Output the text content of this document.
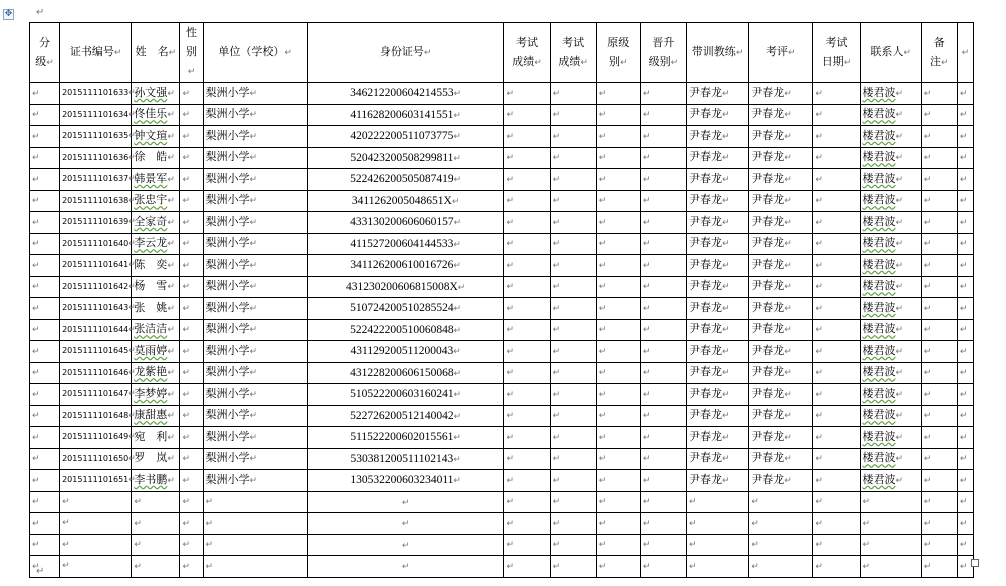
✥ ↵
分
级↵	证书编号↵	姓　名↵	性
别↵	单位（学校）↵	身份证号↵	考试
成绩↵	考试
成绩↵	原级
别↵	晋升
级别↵	带训教练↵	考评↵	考试
日期↵	联系人↵	备
注↵	↵
↵	2015111101633↵	孙文强↵	↵	梨洲小学↵	346212200604214553↵	↵	↵	↵	↵	尹春龙↵	尹春龙↵	↵	楼君波↵	↵	↵
↵	2015111101634↵	佟佳乐↵	↵	梨洲小学↵	411628200603141551↵	↵	↵	↵	↵	尹春龙↵	尹春龙↵	↵	楼君波↵	↵	↵
↵	2015111101635↵	钟文瑄↵	↵	梨洲小学↵	420222200511073775↵	↵	↵	↵	↵	尹春龙↵	尹春龙↵	↵	楼君波↵	↵	↵
↵	2015111101636↵	徐　皓↵	↵	梨洲小学↵	520423200508299811↵	↵	↵	↵	↵	尹春龙↵	尹春龙↵	↵	楼君波↵	↵	↵
↵	2015111101637↵	韩景军↵	↵	梨洲小学↵	522426200505087419↵	↵	↵	↵	↵	尹春龙↵	尹春龙↵	↵	楼君波↵	↵	↵
↵	2015111101638↵	张忠宇↵	↵	梨洲小学↵	341126200504865​1X↵	↵	↵	↵	↵	尹春龙↵	尹春龙↵	↵	楼君波↵	↵	↵
↵	2015111101639↵	全家奇↵	↵	梨洲小学↵	433130200606060157↵	↵	↵	↵	↵	尹春龙↵	尹春龙↵	↵	楼君波↵	↵	↵
↵	2015111101640↵	李云龙↵	↵	梨洲小学↵	411527200604144533↵	↵	↵	↵	↵	尹春龙↵	尹春龙↵	↵	楼君波↵	↵	↵
↵	2015111101641↵	陈　奕↵	↵	梨洲小学↵	341126200610016726↵	↵	↵	↵	↵	尹春龙↵	尹春龙↵	↵	楼君波↵	↵	↵
↵	2015111101642↵	杨　雪↵	↵	梨洲小学↵	431230200606815008X↵	↵	↵	↵	↵	尹春龙↵	尹春龙↵	↵	楼君波↵	↵	↵
↵	2015111101643↵	张　姚↵	↵	梨洲小学↵	510724200510285524↵	↵	↵	↵	↵	尹春龙↵	尹春龙↵	↵	楼君波↵	↵	↵
↵	2015111101644↵	张洁洁↵	↵	梨洲小学↵	522422200510060848↵	↵	↵	↵	↵	尹春龙↵	尹春龙↵	↵	楼君波↵	↵	↵
↵	2015111101645↵	莫雨婷↵	↵	梨洲小学↵	431129200511200043↵	↵	↵	↵	↵	尹春龙↵	尹春龙↵	↵	楼君波↵	↵	↵
↵	2015111101646↵	龙紫艳↵	↵	梨洲小学↵	431228200606150068↵	↵	↵	↵	↵	尹春龙↵	尹春龙↵	↵	楼君波↵	↵	↵
↵	2015111101647↵	李梦婷↵	↵	梨洲小学↵	510522200603160241↵	↵	↵	↵	↵	尹春龙↵	尹春龙↵	↵	楼君波↵	↵	↵
↵	2015111101648↵	康甜惠↵	↵	梨洲小学↵	522726200512140042↵	↵	↵	↵	↵	尹春龙↵	尹春龙↵	↵	楼君波↵	↵	↵
↵	2015111101649↵	宛　利↵	↵	梨洲小学↵	511522200602015561↵	↵	↵	↵	↵	尹春龙↵	尹春龙↵	↵	楼君波↵	↵	↵
↵	2015111101650↵	罗　岚↵	↵	梨洲小学↵	530381200511102143↵	↵	↵	↵	↵	尹春龙↵	尹春龙↵	↵	楼君波↵	↵	↵
↵	2015111101651↵	李书鹏↵	↵	梨洲小学↵	130532200603234011↵	↵	↵	↵	↵	尹春龙↵	尹春龙↵	↵	楼君波↵	↵	↵
↵	↵	↵	↵	↵	↵	↵	↵	↵	↵	↵	↵	↵	↵	↵	↵
↵	↵	↵	↵	↵	↵	↵	↵	↵	↵	↵	↵	↵	↵	↵	↵
↵	↵	↵	↵	↵	↵	↵	↵	↵	↵	↵	↵	↵	↵	↵	↵
↵	↵	↵	↵	↵	↵	↵	↵	↵	↵	↵	↵	↵	↵	↵	↵
↵
